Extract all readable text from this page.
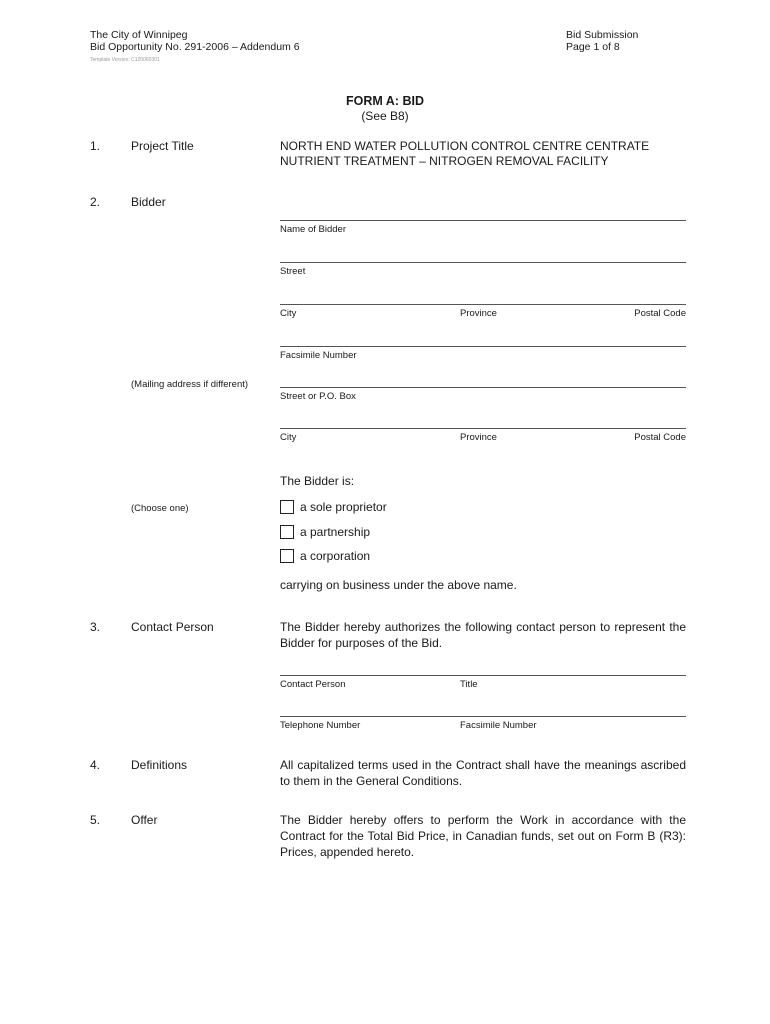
The City of Winnipeg
Bid Opportunity No. 291-2006 – Addendum 6
Template Version: C120060301
Bid Submission
Page 1 of 8
FORM A: BID
(See B8)
1.	Project Title	NORTH END WATER POLLUTION CONTROL CENTRE CENTRATE
NUTRIENT TREATMENT – NITROGEN REMOVAL FACILITY
2.	Bidder
Name of Bidder
Street
City	Province	Postal Code
Facsimile Number
(Mailing address if different)
Street or P.O. Box
City	Province	Postal Code
The Bidder is:
(Choose one)	a sole proprietor
a partnership
a corporation
carrying on business under the above name.
3.	Contact Person	The Bidder hereby authorizes the following contact person to represent the Bidder for purposes of the Bid.
Contact Person	Title
Telephone Number	Facsimile Number
4.	Definitions	All capitalized terms used in the Contract shall have the meanings ascribed to them in the General Conditions.
5.	Offer	The Bidder hereby offers to perform the Work in accordance with the Contract for the Total Bid Price, in Canadian funds, set out on Form B (R3): Prices, appended hereto.
